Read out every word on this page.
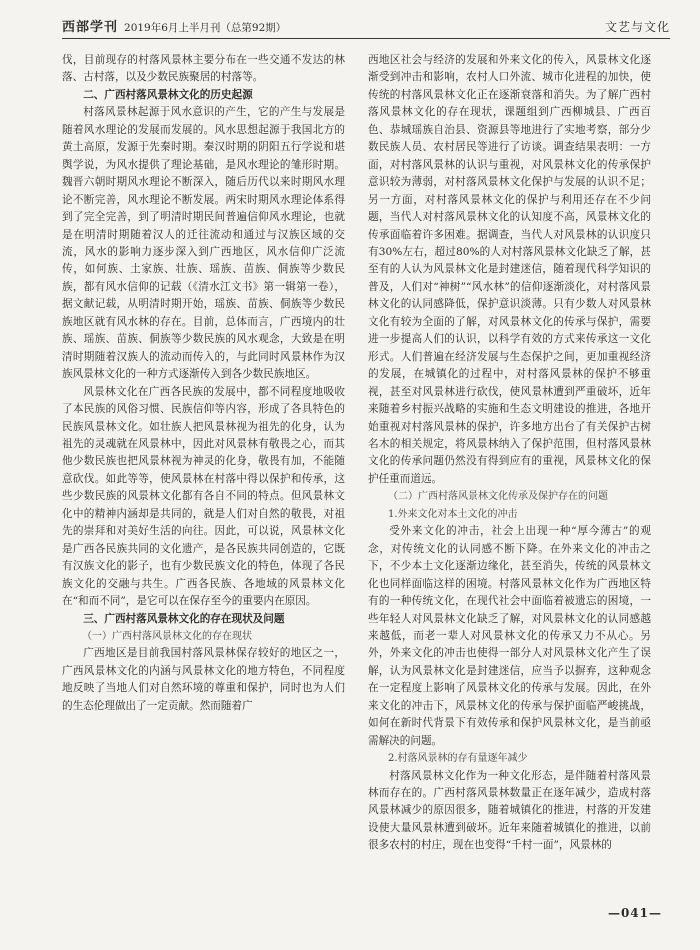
西部学刊 2019年6月上半月刊（总第92期）	文艺与文化

伐，目前现存的村落风景林主要分布在一些交通不发达的林落、古村落，以及少数民族聚居的村落等。

二、广西村落风景林文化的历史起源

村落风景林起源于风水意识的产生，它的产生与发展是随着风水理论的发展而发展的。风水思想起源于我国北方的黄土高原，发源于先秦时期。秦汉时期的阴阳五行学说和堪舆学说，为风水提供了理论基础，是风水理论的雏形时期。魏晋六朝时期风水理论不断深入，随后历代以来时期风水理论不断完善，风水理论不断发展。两宋时期风水理论体系得到了完全完善，到了明清时期民间普遍信仰风水理论，也就是在明清时期随着汉人的迁往流动和通过与汉族区域的交流，风水的影响力逐步深入到广西地区，风水信仰广泛流传，如何族、土家族、壮族、瑶族、苗族、侗族等少数民族，都有风水信仰的记载（《清水江文书》第一辑第一卷），据文献记载，从明清时期开始，瑶族、苗族、侗族等少数民族地区就有风水林的存在。目前，总体而言，广西境内的壮族、瑶族、苗族、侗族等少数民族的风水观念，大致是在明清时期随着汉族人的流动而传入的，与此同时风景林作为汉族风景林文化的一种方式逐渐传入到各少数民族地区。

风景林文化在广西各民族的发展中，都不同程度地吸收了本民族的风俗习惯、民族信仰等内容，形成了各具特色的民族风景林文化。如壮族人把风景林视为祖先的化身，认为祖先的灵魂就在风景林中，因此对风景林有敬畏之心，而其他少数民族也把风景林视为神灵的化身，敬畏有加，不能随意砍伐。如此等等，使风景林在村落中得以保护和传承，这些少数民族的风景林文化都有各自不同的特点。但风景林文化中的精神内涵却是共同的，就是人们对自然的敬畏，对祖先的崇拜和对美好生活的向往。因此，可以说，风景林文化是广西各民族共同的文化遗产，是各民族共同创造的，它既有汉族文化的影子，也有少数民族文化的特色，体现了各民族文化的交融与共生。广西各民族、各地域的风景林文化在“和而不同”，是它可以在保存至今的重要内在原因。

三、广西村落风景林文化的存在现状及问题

（一）广西村落风景林文化的存在现状

广西地区是目前我国村落风景林保存较好的地区之一，广西风景林文化的内涵与风景林文化的地方特色，不同程度地反映了当地人们对自然环境的尊重和保护，同时也为人们的生态伦理做出了一定贡献。然而随着广

西地区社会与经济的发展和外来文化的传入，风景林文化逐渐受到冲击和影响，农村人口外流、城市化进程的加快，使传统的村落风景林文化正在逐渐衰落和消失。为了解广西村落风景林文化的存在现状，课题组到广西柳城县、广西百色、恭城瑶族自治县、资源县等地进行了实地考察，部分少数民族人员、农村居民等进行了访谈。调查结果表明：一方面，对村落风景林的认识与重视，对风景林文化的传承保护意识较为薄弱，对村落风景林文化保护与发展的认识不足；另一方面，对村落风景林文化的保护与利用还存在不少问题，当代人对村落风景林文化的认知度不高，风景林文化的传承面临着许多困难。据调查，当代人对风景林的认识度只有30%左右，超过80%的人对村落风景林文化缺乏了解，甚至有的人认为风景林文化是封建迷信，随着现代科学知识的普及，人们对“神树”“风水林”的信仰逐渐淡化，对村落风景林文化的认同感降低，保护意识淡薄。只有少数人对风景林文化有较为全面的了解，对风景林文化的传承与保护，需要进一步提高人们的认识，以科学有效的方式来传承这一文化形式。人们普遍在经济发展与生态保护之间，更加重视经济的发展，在城镇化的过程中，对村落风景林的保护不够重视，甚至对风景林进行砍伐，使风景林遭到严重破坏，近年来随着乡村振兴战略的实施和生态文明建设的推进，各地开始重视对村落风景林的保护，许多地方出台了有关保护古树名木的相关规定，将风景林纳入了保护范围，但村落风景林文化的传承问题仍然没有得到应有的重视，风景林文化的保护任重而道远。

（二）广西村落风景林文化传承及保护存在的问题

1.外来文化对本土文化的冲击

受外来文化的冲击，社会上出现一种“厚今薄古”的观念，对传统文化的认同感不断下降。在外来文化的冲击之下，不少本土文化逐渐边缘化，甚至消失，传统的风景林文化也同样面临这样的困境。村落风景林文化作为广西地区特有的一种传统文化，在现代社会中面临着被遗忘的困境，一些年轻人对风景林文化缺乏了解，对风景林文化的认同感越来越低，而老一辈人对风景林文化的传承又力不从心。另外，外来文化的冲击也使得一部分人对风景林文化产生了误解，认为风景林文化是封建迷信，应当予以摒弃，这种观念在一定程度上影响了风景林文化的传承与发展。因此，在外来文化的冲击下，风景林文化的传承与保护面临严峻挑战，如何在新时代背景下有效传承和保护风景林文化，是当前亟需解决的问题。

2.村落风景林的存有量逐年减少

村落风景林文化作为一种文化形态，是伴随着村落风景林而存在的。广西村落风景林数量正在逐年减少，造成村落风景林减少的原因很多，随着城镇化的推进，村落的开发建设使大量风景林遭到破坏。近年来随着城镇化的推进，以前很多农村的村庄，现在也变得“千村一面”，风景林的

—041—
